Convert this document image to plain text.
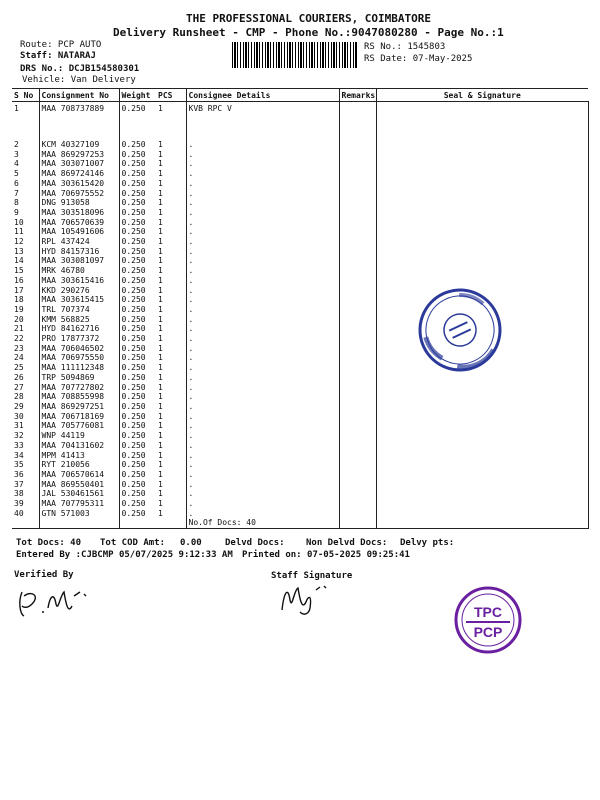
THE PROFESSIONAL COURIERS, COIMBATORE
Delivery Runsheet - CMP - Phone No.:9047080280 - Page No.:1
Route: PCP AUTO
Staff: NATARAJ
DRS No.: DCJB154580301
Vehicle: Van Delivery
RS No.: 1545803
RS Date: 07-May-2025
S No	Consignment No	Weight	PCS	Consignee Details	Remarks	Seal & Signature
1	MAA 708737889	0.250	1	KVB RPC V		
2	KCM 40327109	0.250	1	.		
3	MAA 869297253	0.250	1	.		
4	MAA 303071007	0.250	1	.		
5	MAA 869724146	0.250	1	.		
6	MAA 303615420	0.250	1	.		
7	MAA 706975552	0.250	1	.		
8	DNG 913058	0.250	1	.		
9	MAA 303518096	0.250	1	.		
10	MAA 706570639	0.250	1	.		
11	MAA 105491606	0.250	1	.		
12	RPL 437424	0.250	1	.		
13	HYD 84157316	0.250	1	.		
14	MAA 303081097	0.250	1	.		
15	MRK 46780	0.250	1	.		
16	MAA 303615416	0.250	1	.		
17	KKD 290276	0.250	1	.		
18	MAA 303615415	0.250	1	.		
19	TRL 707374	0.250	1	.		
20	KMM 568825	0.250	1	.		
21	HYD 84162716	0.250	1	.		
22	PRO 17877372	0.250	1	.		
23	MAA 706046502	0.250	1	.		
24	MAA 706975550	0.250	1	.		
25	MAA 111112348	0.250	1	.		
26	TRP 5094869	0.250	1	.		
27	MAA 707727802	0.250	1	.		
28	MAA 708855998	0.250	1	.		
29	MAA 869297251	0.250	1	.		
30	MAA 706718169	0.250	1	.		
31	MAA 705776081	0.250	1	.		
32	WNP 44119	0.250	1	.		
33	MAA 704131602	0.250	1	.		
34	MPM 41413	0.250	1	.		
35	RYT 210056	0.250	1	.		
36	MAA 706570614	0.250	1	.		
37	MAA 869550401	0.250	1	.		
38	JAL 530461561	0.250	1	.		
39	MAA 707795311	0.250	1	.		
40	GTN 571003	0.250	1	.		
				No.Of Docs: 40		
Tot Docs: 40 Tot COD Amt: 0.00	Delvd Docs: Non Delvd Docs: Delvy pts:
Entered By :CJBCMP 05/07/2025 9:12:33 AM Printed on: 07-05-2025 09:25:41
Verified By	Staff Signature
TPC
PCP
